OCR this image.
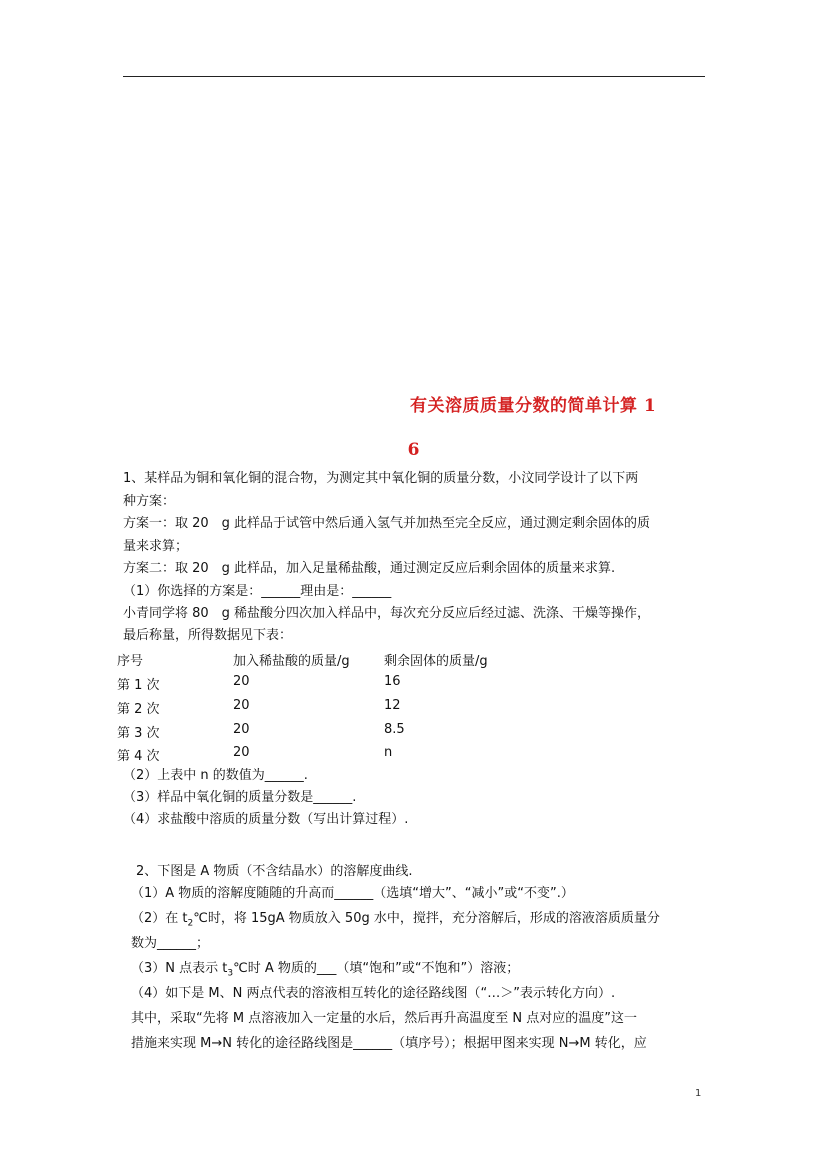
有关溶质质量分数的简单计算 1
6
1、某样品为铜和氧化铜的混合物，为测定其中氧化铜的质量分数，小汶同学设计了以下两
种方案：
方案一：取 20　g 此样品于试管中然后通入氢气并加热至完全反应，通过测定剩余固体的质
量来求算；
方案二：取 20　g 此样品，加入足量稀盐酸，通过测定反应后剩余固体的质量来求算.
（1）你选择的方案是：______理由是：______
小青同学将 80　g 稀盐酸分四次加入样品中，每次充分反应后经过滤、洗涤、干燥等操作，
最后称量，所得数据见下表：
序号	加入稀盐酸的质量/g	剩余固体的质量/g
第 1 次	20	16
第 2 次	20	12
第 3 次	20	8.5
第 4 次	20	n
（2）上表中 n 的数值为______.
（3）样品中氧化铜的质量分数是______.
（4）求盐酸中溶质的质量分数（写出计算过程）.
2、下图是 A 物质（不含结晶水）的溶解度曲线.
（1）A 物质的溶解度随随的升高而______（选填“增大”、“减小”或“不变”.）
（2）在 $t_2℃$时，将 15gA 物质放入 50g 水中，搅拌，充分溶解后，形成的溶液溶质质量分
数为______；
（3）N 点表示 $t_3℃$时 A 物质的___（填“饱和”或“不饱和”）溶液；
（4）如下是 M、N 两点代表的溶液相互转化的途径路线图（“…＞”表示转化方向）.
其中，采取“先将 M 点溶液加入一定量的水后，然后再升高温度至 N 点对应的温度”这一
措施来实现 M→N 转化的途径路线图是______（填序号）；根据甲图来实现 N→M 转化，应
1
